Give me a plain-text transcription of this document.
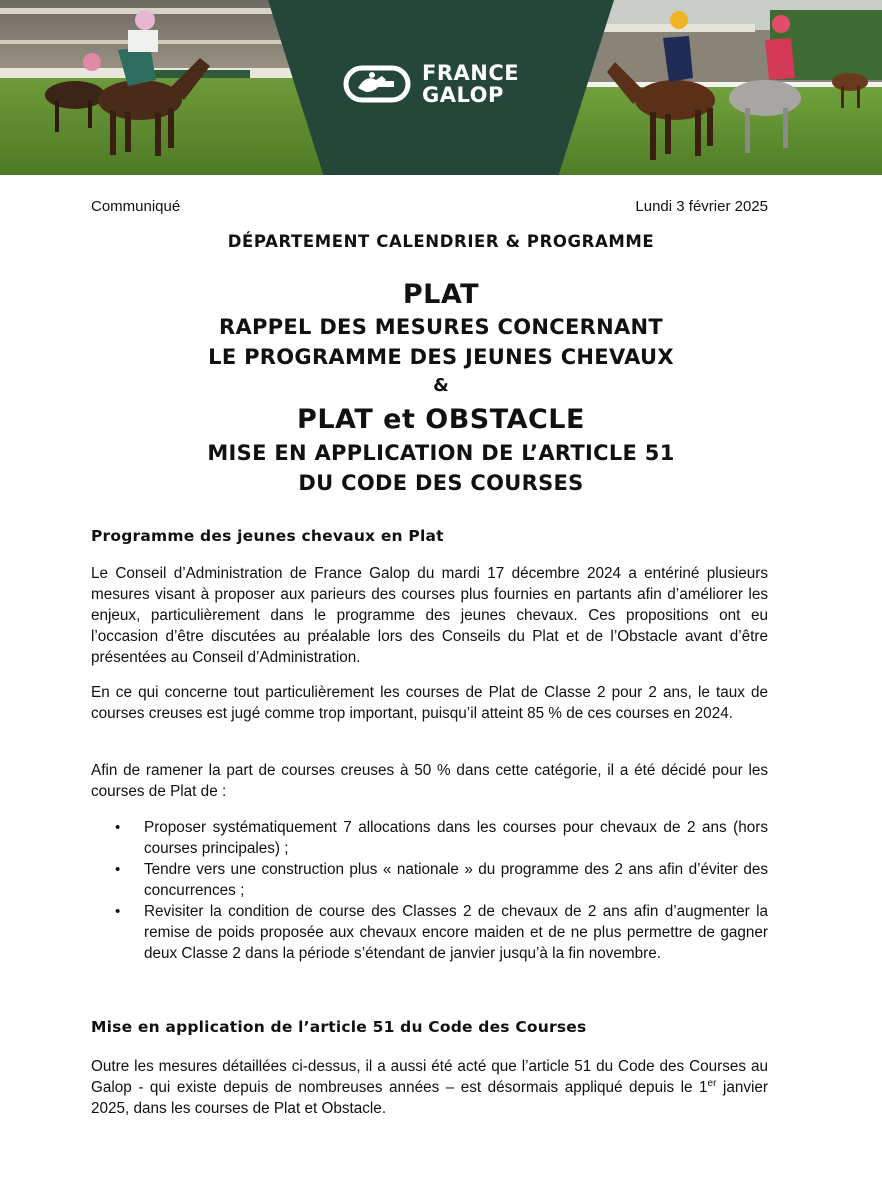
FRANCE
GALOP
Communiqué	Lundi 3 février 2025
DÉPARTEMENT CALENDRIER & PROGRAMME
PLAT
RAPPEL DES MESURES CONCERNANT
LE PROGRAMME DES JEUNES CHEVAUX
&
PLAT et OBSTACLE
MISE EN APPLICATION DE L’ARTICLE 51
DU CODE DES COURSES
Programme des jeunes chevaux en Plat

Le Conseil d’Administration de France Galop du mardi 17 décembre 2024 a entériné plusieurs mesures visant à proposer aux parieurs des courses plus fournies en partants afin d’améliorer les enjeux, particulièrement dans le programme des jeunes chevaux. Ces propositions ont eu l’occasion d’être discutées au préalable lors des Conseils du Plat et de l’Obstacle avant d’être présentées au Conseil d’Administration.

En ce qui concerne tout particulièrement les courses de Plat de Classe 2 pour 2 ans, le taux de courses creuses est jugé comme trop important, puisqu’il atteint 85 % de ces courses en 2024.

Afin de ramener la part de courses creuses à 50 % dans cette catégorie, il a été décidé pour les courses de Plat de :

• Proposer systématiquement 7 allocations dans les courses pour chevaux de 2 ans (hors courses principales) ;
• Tendre vers une construction plus « nationale » du programme des 2 ans afin d’éviter des concurrences ;
• Revisiter la condition de course des Classes 2 de chevaux de 2 ans afin d’augmenter la remise de poids proposée aux chevaux encore maiden et de ne plus permettre de gagner deux Classe 2 dans la période s’étendant de janvier jusqu’à la fin novembre.
Mise en application de l’article 51 du Code des Courses

Outre les mesures détaillées ci-dessus, il a aussi été acté que l’article 51 du Code des Courses au Galop - qui existe depuis de nombreuses années – est désormais appliqué depuis le 1er janvier 2025, dans les courses de Plat et Obstacle.
